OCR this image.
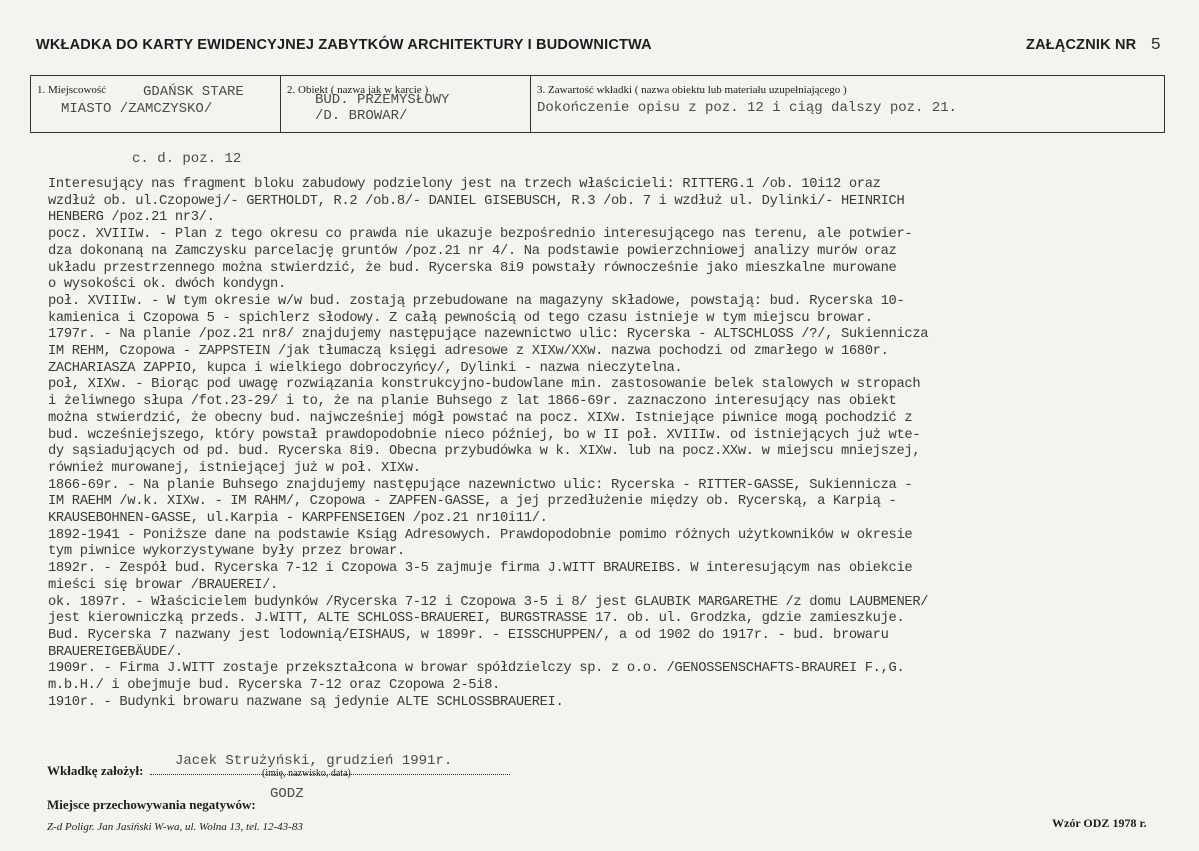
WKŁADKA DO KARTY EWIDENCYJNEJ ZABYTKÓW ARCHITEKTURY I BUDOWNICTWA	ZAŁĄCZNIK NR 5
1. Miejscowość	GDAŃSK STARE
MIASTO /ZAMCZYSKO/
2. Obiekt ( nazwa jak w karcie )
BUD. PRZEMYSŁOWY
/D. BROWAR/
3. Zawartość wkładki ( nazwa obiektu lub materiału uzupełniającego )
Dokończenie opisu z poz. 12 i ciąg dalszy poz. 21.
c. d. poz. 12
Interesujący nas fragment bloku zabudowy podzielony jest na trzech właścicieli: RITTERG.1 /ob. 10i12 oraz
wzdłuż ob. ul.Czopowej/- GERTHOLDT, R.2 /ob.8/- DANIEL GISEBUSCH, R.3 /ob. 7 i wzdłuż ul. Dylinki/- HEINRICH
HENBERG /poz.21 nr3/.
pocz. XVIIIw. - Plan z tego okresu co prawda nie ukazuje bezpośrednio interesującego nas terenu, ale potwier-
dza dokonaną na Zamczysku parcelację gruntów /poz.21 nr 4/. Na podstawie powierzchniowej analizy murów oraz
układu przestrzennego można stwierdzić, że bud. Rycerska 8i9 powstały równocześnie jako mieszkalne murowane
o wysokości ok. dwóch kondygn.
poł. XVIIIw. - W tym okresie w/w bud. zostają przebudowane na magazyny składowe, powstają: bud. Rycerska 10-
kamienica i Czopowa 5 - spichlerz słodowy. Z całą pewnością od tego czasu istnieje w tym miejscu browar.
1797r. - Na planie /poz.21 nr8/ znajdujemy następujące nazewnictwo ulic: Rycerska - ALTSCHLOSS /?/, Sukiennicza
IM REHM, Czopowa - ZAPPSTEIN /jak tłumaczą księgi adresowe z XIXw/XXw. nazwa pochodzi od zmarłego w 1680r.
ZACHARIASZA ZAPPIO, kupca i wielkiego dobroczyńcy/, Dylinki - nazwa nieczytelna.
poł, XIXw. - Biorąc pod uwagę rozwiązania konstrukcyjno-budowlane min. zastosowanie belek stalowych w stropach
i żeliwnego słupa /fot.23-29/ i to, że na planie Buhsego z lat 1866-69r. zaznaczono interesujący nas obiekt
można stwierdzić, że obecny bud. najwcześniej mógł powstać na pocz. XIXw. Istniejące piwnice mogą pochodzić z
bud. wcześniejszego, który powstał prawdopodobnie nieco później, bo w II poł. XVIIIw. od istniejących już wte-
dy sąsiadujących od pd. bud. Rycerska 8i9. Obecna przybudówka w k. XIXw. lub na pocz.XXw. w miejscu mniejszej,
również murowanej, istniejącej już w poł. XIXw.
1866-69r. - Na planie Buhsego znajdujemy następujące nazewnictwo ulic: Rycerska - RITTER-GASSE, Sukiennicza -
IM RAEHM /w.k. XIXw. - IM RAHM/, Czopowa - ZAPFEN-GASSE, a jej przedłużenie między ob. Rycerską, a Karpią -
KRAUSEBOHNEN-GASSE, ul.Karpia - KARPFENSEIGEN /poz.21 nr10i11/.
1892-1941 - Poniższe dane na podstawie Ksiąg Adresowych. Prawdopodobnie pomimo różnych użytkowników w okresie
tym piwnice wykorzystywane były przez browar.
1892r. - Zespół bud. Rycerska 7-12 i Czopowa 3-5 zajmuje firma J.WITT BRAUREIBS. W interesującym nas obiekcie
mieści się browar /BRAUEREI/.
ok. 1897r. - Właścicielem budynków /Rycerska 7-12 i Czopowa 3-5 i 8/ jest GLAUBIK MARGARETHE /z domu LAUBMENER/
jest kierowniczką przeds. J.WITT, ALTE SCHLOSS-BRAUEREI, BURGSTRASSE 17. ob. ul. Grodzka, gdzie zamieszkuje.
Bud. Rycerska 7 nazwany jest lodownią/EISHAUS, w 1899r. - EISSCHUPPEN/, a od 1902 do 1917r. - bud. browaru
BRAUEREIGEBÄUDE/.
1909r. - Firma J.WITT zostaje przekształcona w browar spółdzielczy sp. z o.o. /GENOSSENSCHAFTS-BRAUREI F.,G.
m.b.H./ i obejmuje bud. Rycerska 7-12 oraz Czopowa 2-5i8.
1910r. - Budynki browaru nazwane są jedynie ALTE SCHLOSSBRAUEREI.
Wkładkę założył:
Jacek Strużyński, grudzień 1991r.
(imię, nazwisko, data)
Miejsce przechowywania negatywów:
GODZ
Z-d Poligr. Jan Jasiński W-wa, ul. Wolna 13, tel. 12-43-83	Wzór ODZ 1978 r.
